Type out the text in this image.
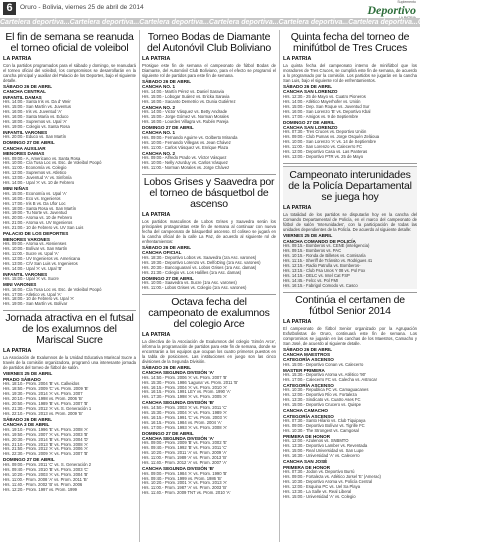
6	Oruro - Bolivia, viernes 25 de abril de 2014
Suplemento
Deportivo
Cartelera deportiva...Cartelera deportiva...Cartelera deportiva...Cartelera deportiva...Cartelera deportiva...Cartelera deportiva...Cartelera deportiva...
El fin de semana se reanuda el torneo oficial de voleibol
LA PATRIA
Con la partidos programados para el sábado y domingo, se reanudará el torneo oficial del voleibol, los compromisos se desarrollarán en la cancha principal y auxiliar del Palacio de los Deportes, bajo el siguiente detalle.
SÁBADO 26 DE ABRIL
CANCHA CENTRAL
INFANTIL DAMAS
Hrs. 14:00.- Santa Iris vs. Da d' Weir
Hrs. 15:00.- San Martín vs. Juventus
Hrs. 16:00.- Iris vs. Juventud 'A'
Hrs. 16:00.- Santa María vs. Educo
Hrs. 18:00.- Supremos vs. Upal 'A'
Hrs. 19:00.- Colegio vs. Santa Rosa
INFANTIL VARONES
Hrs. 20:00.- Educo vs. San Martín
DOMINGO 27 DE ABRIL
CANCHA AUXILIAR
MENORES DAMAS
Hrs. 09:00.- A. Americano vs. Santa Rosa
Hrs. 10:00.- Cía Tusa Loc vs. Esc. de Voleibol Poopó
Hrs. 11:00.- Economía vs. Colegio
Hrs. 12:00.- Supremos vs. Atletico
Hrs. 13:00.- Juventud 'A' vs. Sinfonía
Hrs. 14:00.- Upal 'A' vs. 10 de Febrero
MINI NIÑAS
Hrs. 15:00.- Economía vs. Upal 'A'
Hrs. 16:00.- Eco vs. Ingenieros
Hrs. 17:00.- Iris B vs. Da Ufor Loc
Hrs. 18:00.- Santa Rosa vs. San Martín
Hrs. 19:00.- Tu Norte vs. Juventud
Hrs. 20:00.- Aroma vs. 10 de Febrero
Hrs. 21:00.- Aroma vs. UV Ingenieros
Hrs. 21:00.- 10 de Febrero vs. UV San Luis
PALACIO DE LOS DEPORTES
MENORES VARONES
Hrs. 09:00.- Aroma vs. Atenienses
Hrs. 10:00.- Bolívar vs. San Martín
Hrs. 11:00.- Sucre vs. Upal 'A'
Hrs. 12:00.- UV Ingenieros vs. Americana
Hrs. 13:00.- C/V San Luis vs. Ingenieros
Hrs. 14:00.- Upal 'A' vs. Upal 'B'
INFANTIL VARONES
Hrs. 15:00.- Upal 'A' vs. Sucre
MINI VARONES
Hrs. 16:00.- Cía Tusa Loc vs. Esc. de Voleibol Poopó
Hrs. 17:00.- Atletico vs. Upal 'A'
Hrs. 18:00.- 10 de Febrero vs. Upal 'A'
Hrs. 19:00.- San Martín vs. Bolívar
Jornada atractiva en el futsal de los exalumnos del Mariscal Sucre
LA PATRIA
La Asociación de Exalumnos de la Unidad Educativa Mariscal Sucre a través de la comisión organizadora, programó una interesante jornada de partidos del torneo de fútbol de salón.
VIERNES 25 DE ABRIL
PRADO SÁBADO
Hrs. 18:10.- Prom. 2004 'B' vs. Calkeidos
Hrs. 18:50.- Prom. 2009 'C' vs. Prom. 2009 'B'
Hrs. 19:30.- Prom. 2014 'A' vs. Prom. 2007
Hrs. 20:10.- Prom. 1998 vs. Prom. 2006 'B'
Hrs. 20:50.- Prom. 1989 'B' vs. Prom. 2007 'B'
Hrs. 21:30.- Prom. 2012 'A' vs. S. Generación 1
Hrs. 22:10.- Prom. 2013 vs. Prom. 2009 'B'
SÁBADO 26 DE ABRIL
CANCHA 3 DE ABRIL
Hrs. 19:10.- Prom. 1996 'E' vs. Prom. 2008 'A'
Hrs. 19:50.- Prom. 2007 'A' vs. Prom. 2003 'B'
Hrs. 20:30.- Prom. 2014 'B' vs. Prom. 2004 'D'
Hrs. 21:10.- Prom. 2013 'B' vs. Prom. 2008 'A'
Hrs. 21:50.- Prom. 2012 'A' vs. Prom. 2006 'A'
Hrs. 22:30.- Prom. 2009 'A' vs. Prom. 2007 'B'
DOMINGO 27 DE ABRIL
Hrs. 09:00.- Prom. 2011 'C' vs. S. Generación 2
Hrs. 09:40.- Prom. 2010 'B' vs. Prom. 2003 'C'
Hrs. 10:20.- Prom. 2003 'A' vs. Prom. 2004 'B'
Hrs. 11:00.- Prom. 2008 'A' vs. Prom. 2011 'B'
Hrs. 11:40.- Prom. 2002 'B' vs. Prom. 2006
Hrs. 12:20.- Prom. 1997 vs. Prom. 1999
Torneo Bodas de Diamante del Autonóvil Club Boliviano
LA PATRIA
Prosigue este fin de semana el campeonato de fútbol Bodas de Diamante, del Automóvil Club Boliviano, para el efecto se programó el siguiente rol de partidos para este fin de semana.
SÁBADO 26 DE ABRIL
CANCHA NO. 1
Hrs. 14:00.- Martín Pérez vs. Daniel Saravia
Hrs. 15:00.- Lobogar Suárez vs. Ericka Saravia
Hrs. 16:00.- Sacanto Demetrio vs. Dunia Gutiérrez
CANCHA NO. 2
Hrs. 14:00.- Victor Vásquez vs. Betty Andrade
Hrs. 15:00.- Jorge Gómez vs. Norman Morales
Hrs. 16:00.- Lourdes Villagra vs. Rubén Pareja
DOMINGO 27 DE ABRIL
CANCHA NO. 1
Hrs. 09:00.- Fernando Aguirre vs. Golberto Miranda
Hrs. 10:00.- Fernando Villegas vs. Jean Chávez
Hrs. 11:00.- Carlos Vásquez vs. Enrique Plaza
CANCHA NO. 2
Hrs. 09:00.- Alfredo Prado vs. Víctor Vásquez
Hrs. 10:00.- Nelly Azurduy vs. Carlos Vásquez
Hrs. 11:00.- Norman Morales vs. Jorge Chávez
Lobos Grises y Saavedra por el torneo de básquetbol de ascenso
LA PATRIA
Los partidos masculinos de Lobos Grises y Saavedra serán los principales protagonistas este fin de semana al continuar con nueva fecha del campeonato de básquetbol ascenso. El coliseo se jugará en la cancha oficial de la calle La Paz, de acuerdo al siguiente rol de enfrentamientos:
SÁBADO 26 DE ABRIL
CANCHA OFICIAL
Hrs. 18:30.- Deportivo Lobos vs. Saavedra (1ra Asc. varones)
Hrs. 19:30.- Deportivo Lorenzo vs. DelfoDing (1ra Asc. varones)
Hrs. 20:30.- Bancoguaraní vs. Lobos Grises (1ra Asc. damas)
Hrs. 21:30.- Colegio vs. Los Halilles (1ra Asc. damas)
DOMINGO 27 DE ABRIL
Hrs. 10:00.- Saavedra vs. Sucre (1ra Asc. varones)
Hrs. 11:00.- Lobos Grises vs. Colegio (1ra Asc. varones)
Octava fecha del campeonato de exalumnos del colegio Arce
LA PATRIA
La directiva de la Asociación de Exalumnos del colegio 'Simón Arce', informa la programación de partidos para este fin de semana, donde se encontrarán a los equipos que ocupan los cuatro primeros puestos en la tabla de posiciones. Las instituciones en juego son las cinco divisiones de la Segunda División.
SÁBADO 26 DE ABRIL
CANCHA SEGUNDA DIVISIÓN 'A'
Hrs. 14:50.- Prom. 2006 'A' vs. Prom. 2007 'B'
Hrs. 15:30.- Prom. 1986 'Laguna' vs. Prom. 2011 'B'
Hrs. 16:15.- Prom. 2004 'A' vs. Prom. 2010 'A'
Hrs. 16:15.- Prom. 1991 LEY vs. Prom. 1990 'A'
Hrs. 17:30.- Prom. 1998 'A' vs. Prom. 2005 'A'
CANCHA SEGUNDA DIVISIÓN 'B'
Hrs. 14:50.- Prom. 2003 'A' vs. Prom. 2011 'C'
Hrs. 15:30.- Prom. 2004 'A' vs. Prom. 1989 'A'
Hrs. 16:15.- Prom. 1991 'C' vs. Prom. 2003 'A'
Hrs. 16:15.- Prom. 1984 vs. Prom. 2004 'A'
Hrs. 17:00.- Prom. 1993 'A' vs. Prom. 2008 'A'
DOMINGO 27 DE ABRIL
CANCHA SEGUNDA DIVISIÓN 'A'
Hrs. 09:00.- Prom. 2009 'B' vs. Prom. 2002 'E'
Hrs. 09:40.- Prom. 1992 'B' vs. Prom. 2011 'C'
Hrs. 10:20.- Prom. 2011 'A' vs. Prom. 2009 'A'
Hrs. 11:00.- Prom. 1989 'A' vs. Prom. 2013 'B'
Hrs. 11:40.- Prom. 2012 'A' vs. Prom. 2007 'A'
CANCHA SEGUNDA DIVISIÓN 'B'
Hrs. 09:00.- Prom. 1984 'A' vs. Prom. 1990 'B'
Hrs. 09:40.- Prom. 1999 vs. Prom. 1986 'B'
Hrs. 10:20.- Prom. 2001 'A' vs. Prom. 2013 'A'
Hrs. 11:00.- Prom. 1987 'A' vs. Prom. 2003 'B'
Hrs. 11:40.- Prom. 2009 TNT vs. Prom. 2010 'A'
Quinta fecha del torneo de minifútbol de Tres Cruces
LA PATRIA
La quinta fecha del campeonato interno de minifútbol que los moradores de Tres Cruces, se cumplirá este fin de semana, de acuerdo a lo programado por la comisión. Los partidos se jugarán en la cancha San Luis, bajo el siguiente rol de enfrentamientos.
SÁBADO 26 DE ABRIL
CANCHA SAN LORENZO
Hrs. 12:30.- 25 de Mayo vs. Cuatro Pioneros
Hrs. 14:00.- Atlético Mayerhofer vs. Unión
Hrs. 15:00.- Dep. San Roque vs. Juventud Sur
Hrs. 16:00.- San Lorenzo 'B' vs. Deportivo Kbal
Hrs. 17:00.- Amigos vs. 9 de Septiembre
DOMINGO 27 DE ABRIL
CANCHA SAN LORENZO
Hrs. 07:30.- Tres Cruces vs. Deportivo Unión
Hrs. 09:00.- Club Pumas vs. Jorge Osquén Zeláoua
Hrs. 10:00.- San Lorenzo 'A' vs. 14 de Septiembre
Hrs. 11:00.- San Lorenzo vs. Calecerro FC
Hrs. 12:00.- Deportivo Casa vs. Las Panteras
Hrs. 13:00.- Deportivo PTR vs. 25 de Mayo
Campeonato interunidades de la Policía Departamental se juega hoy
LA PATRIA
La totalidad de los partidos se disputarán hoy en la cancha del Comando Departamental de Policía, en el marco del campeonato de fútbol de salón 'Interunidades', con la participación de todas las unidades dependientes de la Policía. De acuerdo al siguiente detalle:
VIERNES 25 DE ABRIL
CANCHA COMANDO DE POLICÍA
Hrs. 09:15.- Bomberos vs. CENE (inteligencia)
Hrs. 09:15.- Bomberos vs. PAC
Hrs. 10:15.- Ronda de Billetes vs. Comisaría
Hrs. 11:15.- Sheriff de Tránsito vs. Rodrigues 41
Hrs. 12:15.- Radio Patrulla vs. Bomberos-
Hrs. 13:15.- Club Fsa Unos Y 08 vs. Pol Fox
Hrs. 14:15.- DELC vs. Intel Cat FSP
Hrs. 14:45.- Felcc vs. Pol FMI
Hrs. 16:15.- Fabrigol Comodo vs. Casco
Continúa el certamen de fútbol Senior 2014
LA PATRIA
El campeonato de fútbol Senior organizado por la Agrupación Exfutbolistas de Oruro, continuará este fin de semana. Los compromisos se jugarán en las canchas de los Maestros, Camacho y San José, de acuerdo al siguiente detalle.
SÁBADO 26 DE ABRIL
CANCHA MAESTROS
CATEGORÍA ASCENSO
Hrs. 15:00.- Deportivo Conan vs. Calecerro
MASTER PRIMERA
Hrs. 15:30.- Deportivo Aroma vs. Atlético '90'
Hrs. 17:00.- Calecerro FC vs. Calecha vs. Astrocar
CATEGORÍA ASCENSO
Hrs. 10:30.- Republica FC vs. Camaguacanes
Hrs. 12:00.- Deportivo Río vs. Fortaleza
Hrs. 13:30.- Sindicato vs. Cuatro Ases FC
Hrs. 15:00.- Deportivo Crucero vs. Quispe
CANCHA CAMACHO
CATEGORÍA ASCENSO
Hrs. 07:30.- Santo Hilario vs. Club Tiquipaya
Hrs. 09:00.- Deportivo Bolívar vs. Tigrille FC
Hrs. 10:30.- The Strongest vs. Camgosal
PRIMERA DE HONOR
Hrs. 12:00.- Azulenos vs. SNBMTO
Hrs. 13:30.- Deportivo Lamber vs. Reventada
Hrs. 15:00.- Real Universidad vs. San Lupe
Hrs. 16:30.- Universidad 'A' vs. Calecerro
CANCHA SAN JOSÉ
PRIMERA DE HONOR
Hrs. 07:30.- Jodon vs. Deportivo Burrú
Hrs. 09:00.- Fortaleza vs. Atlético Jorsel 'E' (Amerac)
Hrs. 10:30.- Deportivo Aroma vs. Policía Central
Hrs. 12:00.- Esquina PC vs. Uel Sa Playa
Hrs. 13:30.- La Salle vs. Real Liberal
Hrs. 15:00.- Universidad 'A' vs. Colegio
